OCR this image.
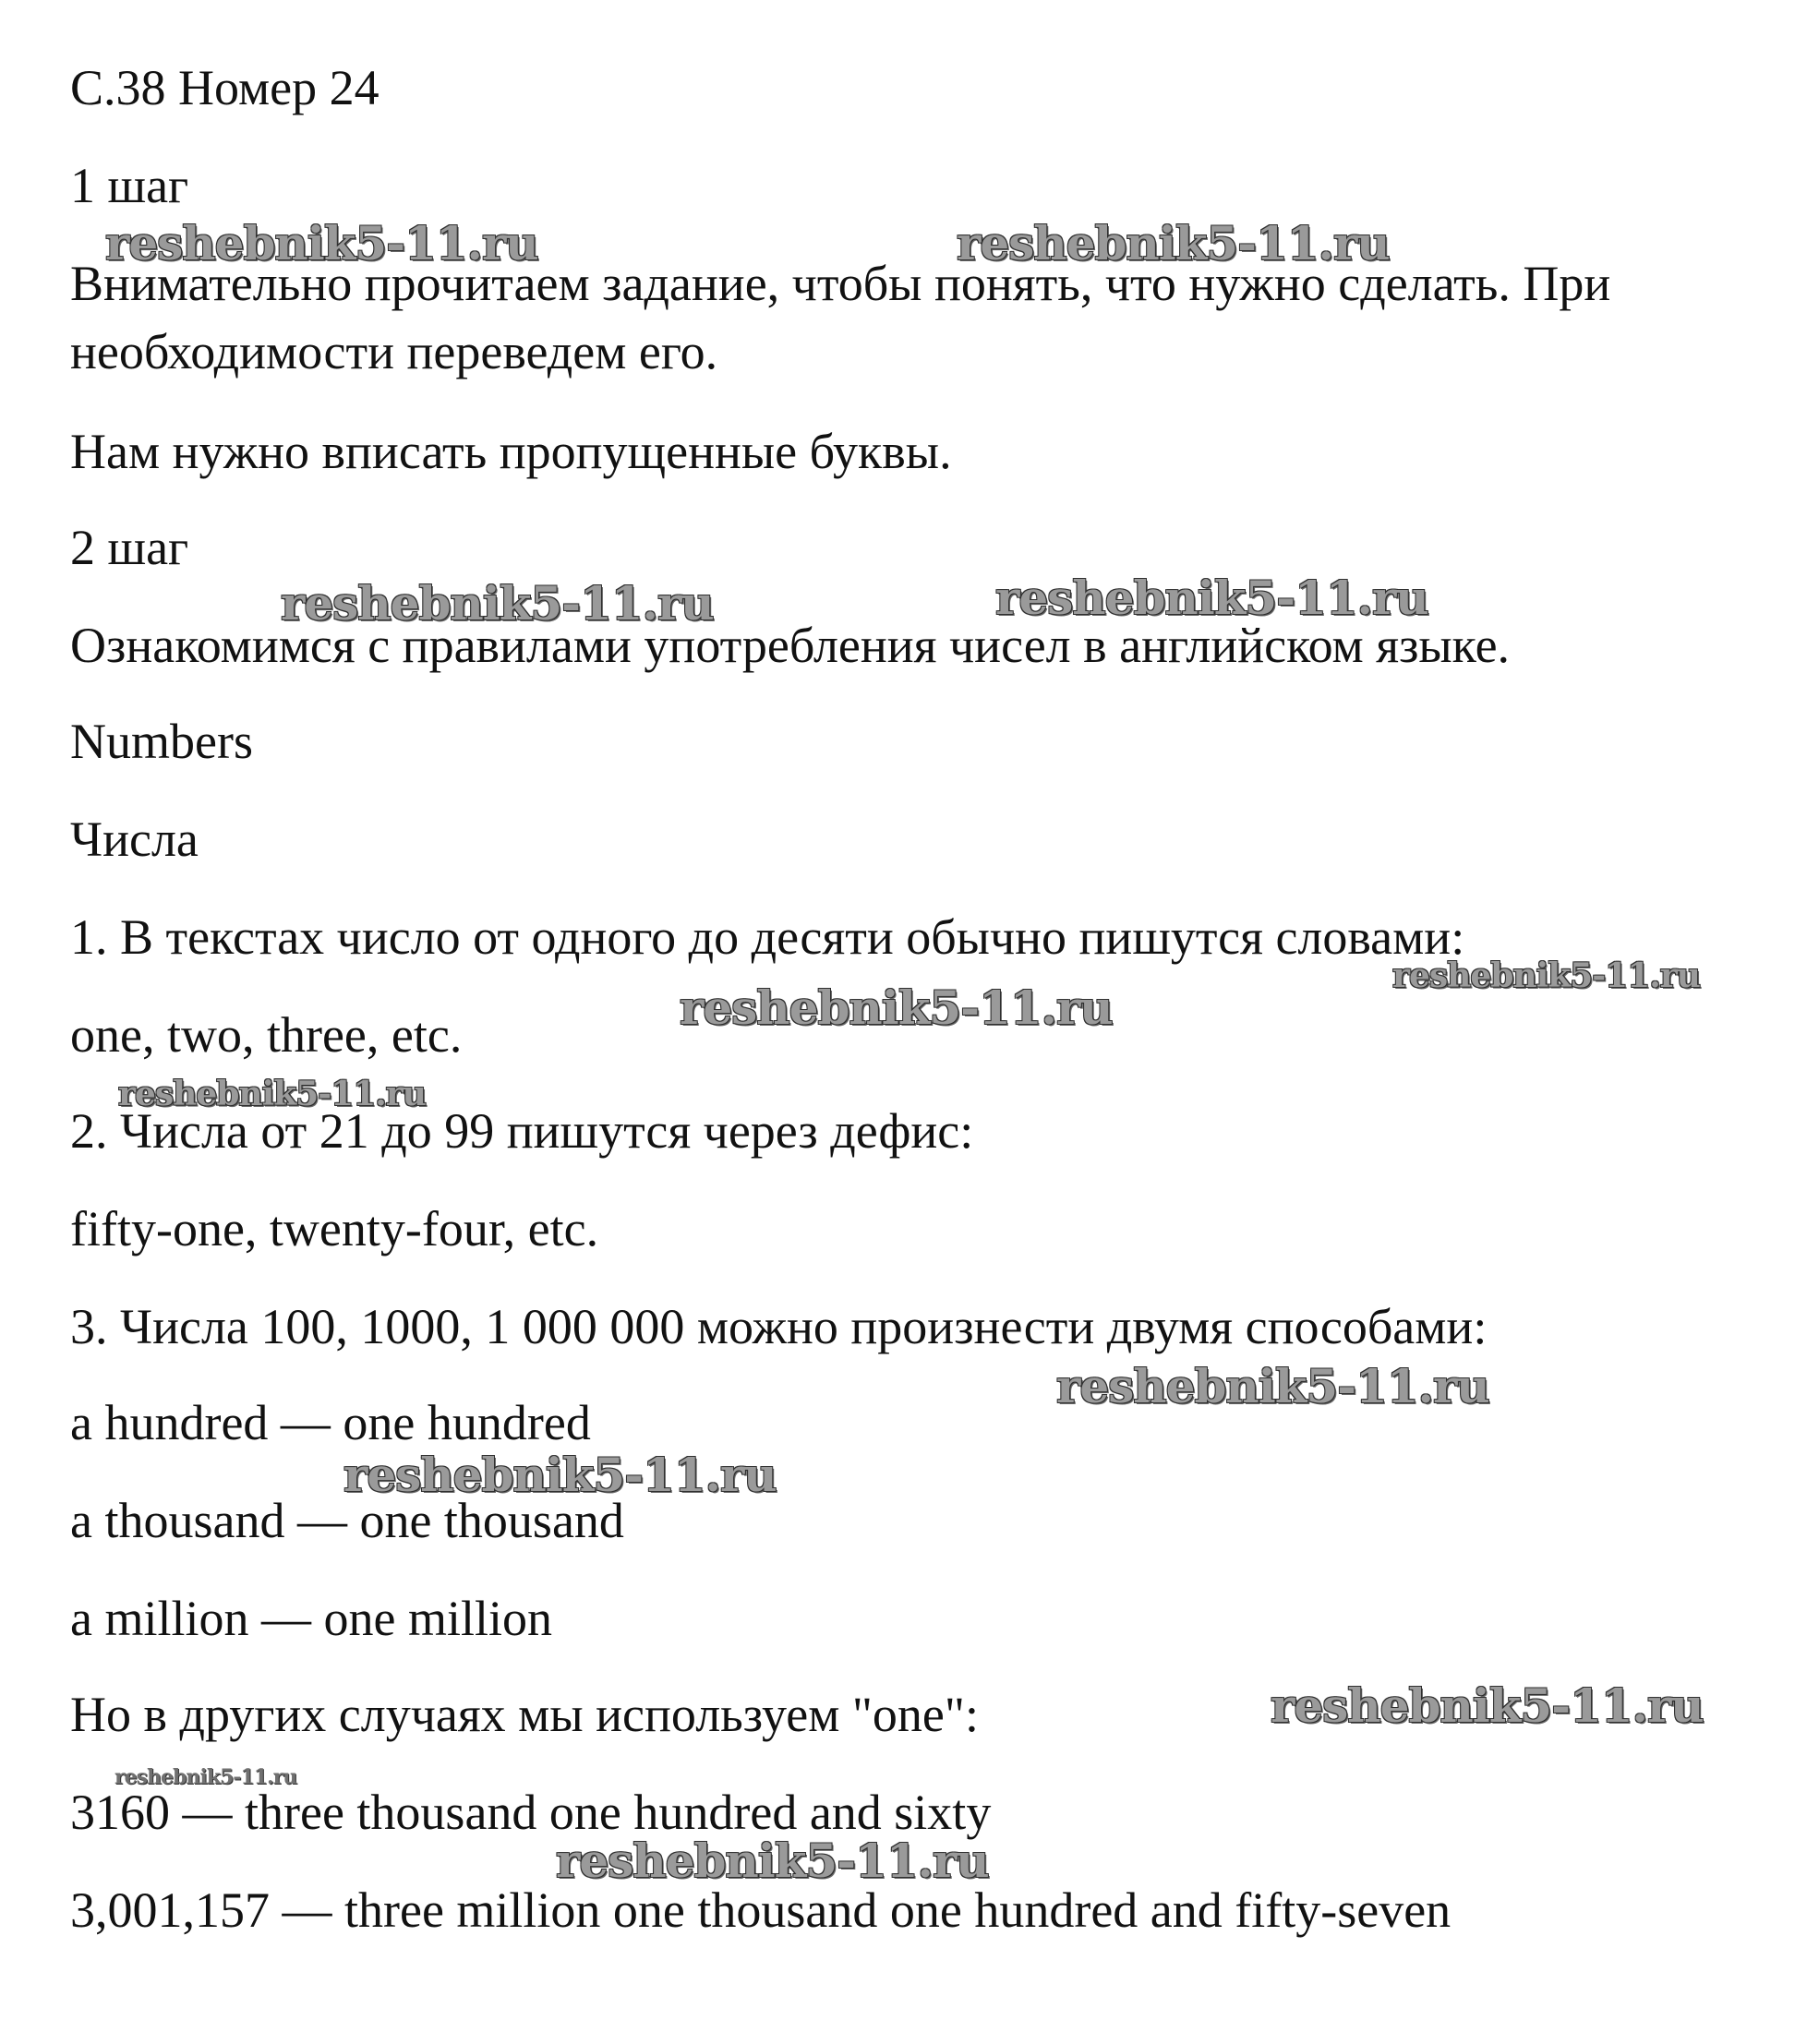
С.38 Номер 24
1 шаг
Внимательно прочитаем задание, чтобы понять, что нужно сделать. При
необходимости переведем его.
Нам нужно вписать пропущенные буквы.
2 шаг
Ознакомимся с правилами употребления чисел в английском языке.
Numbers
Числа
1. В текстах число от одного до десяти обычно пишутся словами:
one, two, three, etc.
2. Числа от 21 до 99 пишутся через дефис:
fifty-one, twenty-four, etc.
3. Числа 100, 1000, 1 000 000 можно произнести двумя способами:
a hundred — one hundred
a thousand — one thousand
a million — one million
Но в других случаях мы используем "one":
3160 — three thousand one hundred and sixty
3,001,157 — three million one thousand one hundred and fifty-seven
reshebnik5-11.ru	reshebnik5-11.ru
reshebnik5-11.ru	reshebnik5-11.ru
reshebnik5-11.ru
reshebnik5-11.ru
reshebnik5-11.ru
reshebnik5-11.ru
reshebnik5-11.ru
reshebnik5-11.ru
reshebnik5-11.ru
reshebnik5-11.ru
